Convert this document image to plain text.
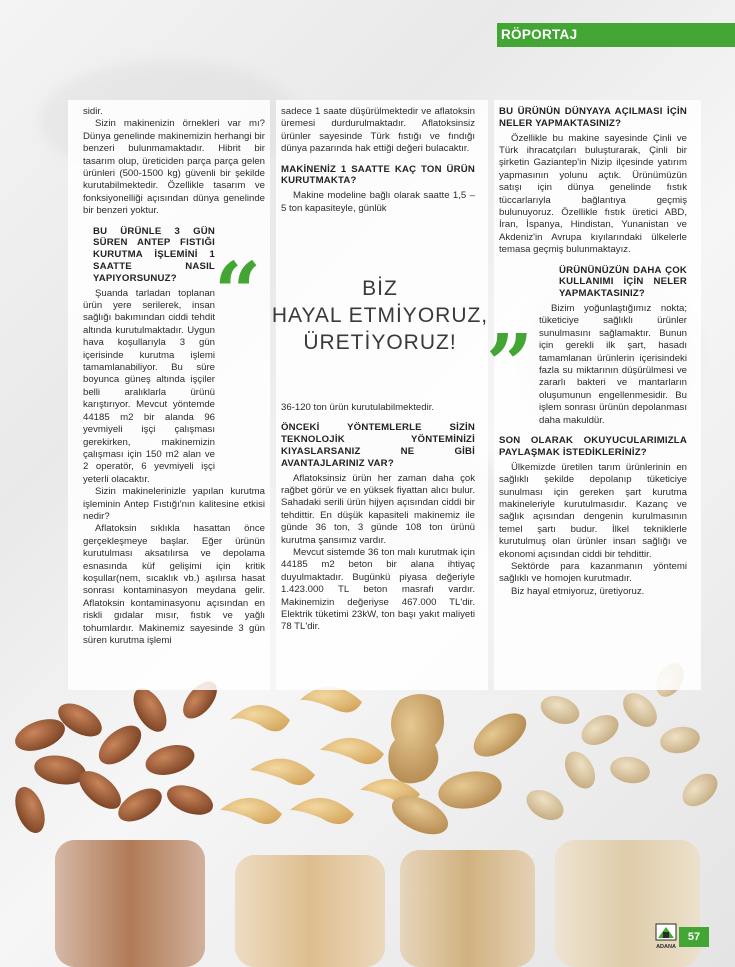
RÖPORTAJ

sidir.

Sizin makinenizin örnekleri var mı? Dünya genelinde makinemizin herhangi bir benzeri bulunmamaktadır. Hibrit bir tasarım olup, üreticiden parça parça gelen ürünleri (500-1500 kg) güvenli bir şekilde kurutabilmektedir. Özellikle tasarım ve fonksiyonelliği açısından dünya genelinde bir benzeri yoktur.

BU ÜRÜNLE 3 GÜN SÜREN ANTEP FISTIĞI KURUTMA İŞLEMİNİ 1 SAATTE NASIL YAPIYORSUNUZ?

Şuanda tarladan toplanan ürün yere serilerek, insan sağlığı bakımından ciddi tehdit altında kurutulmaktadır. Uygun hava koşullarıyla 3 gün içerisinde kurutma işlemi tamamlanabiliyor. Bu süre boyunca güneş altında işçiler belli aralıklarla ürünü karıştırıyor. Mevcut yöntemde 44185 m2 bir alanda 96 yevmiyeli işçi çalışması gerekirken, makinemizin çalışması için 150 m2 alan ve 2 operatör, 6 yevmiyeli işçi yeterli olacaktır.

Sizin makinelerinizle yapılan kurutma işleminin Antep Fıstığı'nın kalitesine etkisi nedir?

Aflatoksin sıklıkla hasattan önce gerçekleşmeye başlar. Eğer ürünün kurutulması aksatılırsa ve depolama esnasında küf gelişimi için kritik koşullar(nem, sıcaklık vb.) aşılırsa hasat sonrası kontaminasyon meydana gelir. Aflatoksin kontaminasyonu açısından en riskli gıdalar mısır, fıstık ve yağlı tohumlardır. Makinemiz sayesinde 3 gün süren kurutma işlemi

sadece 1 saate düşürülmektedir ve aflatoksin üremesi durdurulmaktadır. Aflatoksinsiz ürünler sayesinde Türk fıstığı ve fındığı dünya pazarında hak ettiği değeri bulacaktır.

MAKİNENİZ 1 SAATTE KAÇ TON ÜRÜN KURUTMAKTA?

Makine modeline bağlı olarak saatte 1,5 – 5 ton kapasiteyle, günlük

36-120 ton ürün kurutulabilmektedir.

ÖNCEKİ YÖNTEMLERLE SİZİN TEKNOLOJİK YÖNTEMİNİZİ KIYASLARSANIZ NE GİBİ AVANTAJLARINIZ VAR?

Aflatoksinsiz ürün her zaman daha çok rağbet görür ve en yüksek fiyattan alıcı bulur. Sahadaki serili ürün hijyen açısından ciddi bir tehdittir. En düşük kapasiteli makinemiz ile günde 36 ton, 3 günde 108 ton ürünü kurutma şansımız vardır.

Mevcut sistemde 36 ton malı kurutmak için 44185 m2 beton bir alana ihtiyaç duyulmaktadır. Bugünkü piyasa değeriyle 1.423.000 TL beton masrafı vardır. Makinemizin değeriyse 467.000 TL'dir. Elektrik tüketimi 23kW, ton başı yakıt maliyeti 78 TL'dir.

BU ÜRÜNÜN DÜNYAYA AÇILMASI İÇİN NELER YAPMAKTASINIZ?

Özellikle bu makine sayesinde Çinli ve Türk ihracatçıları buluşturarak, Çinli bir şirketin Gaziantep'in Nizip ilçesinde yatırım yapmasının yolunu açtık. Ürünümüzün satışı için dünya genelinde fıstık tüccarlarıyla bağlantıya geçmiş bulunuyoruz. Özellikle fıstık üretici ABD, İran, İspanya, Hindistan, Yunanistan ve Akdeniz'in Avrupa kıyılarındaki ülkelerle temasa geçmiş bulunmaktayız.

ÜRÜNÜNÜZÜN DAHA ÇOK KULLANIMI İÇİN NELER YAPMAKTASINIZ?

Bizim yoğunlaştığımız nokta; tüketiciye sağlıklı ürünler sunulmasını sağlamaktır. Bunun için gerekli ilk şart, hasadı tamamlanan ürünlerin içerisindeki fazla su miktarının düşürülmesi ve zararlı bakteri ve mantarların oluşumunun engellenmesidir. Bu işlem sonrası ürünün depolanması daha makuldür.

SON OLARAK OKUYUCULARIMIZLA PAYLAŞMAK İSTEDİKLERİNİZ?

Ülkemizde üretilen tarım ürünlerinin en sağlıklı şekilde depolanıp tüketiciye sunulması için gereken şart kurutma makineleriyle kurutulmasıdır. Kazanç ve sağlık açısından dengenin kurulmasının temel şartı budur. İlkel tekniklerle kurutulmuş olan ürünler insan sağlığı ve ekonomi açısından ciddi bir tehdittir.

Sektörde para kazanmanın yöntemi sağlıklı ve homojen kurutmadır.

Biz hayal etmiyoruz, üretiyoruz.

“
”
BİZ
HAYAL ETMİYORUZ,
ÜRETİYORUZ!
ADANA
57
